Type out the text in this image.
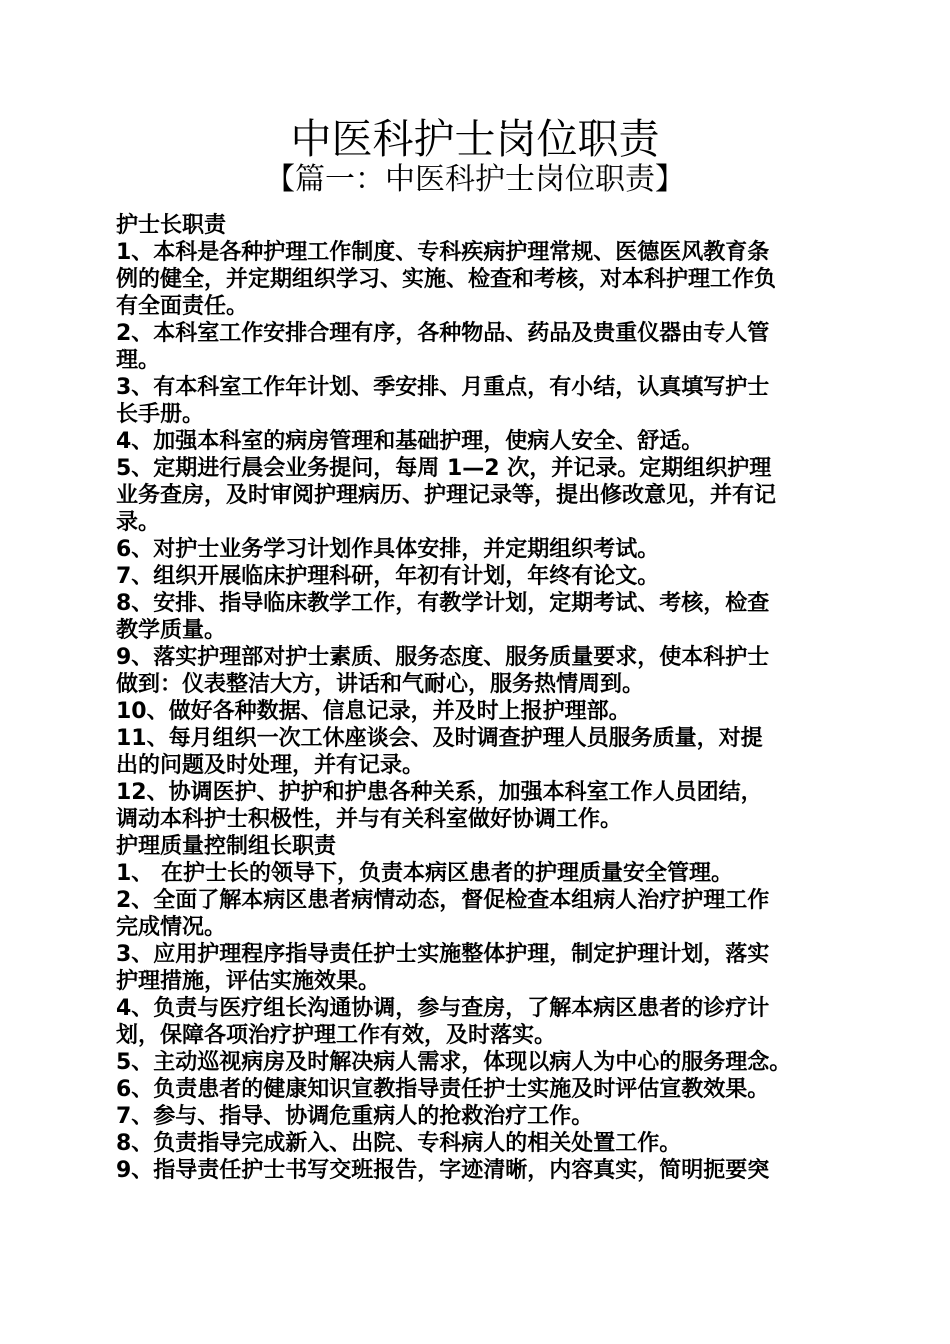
中医科护士岗位职责
【篇一：中医科护士岗位职责】
护士长职责
1、本科是各种护理工作制度、专科疾病护理常规、医德医风教育条
例的健全，并定期组织学习、实施、检查和考核，对本科护理工作负
有全面责任。
2、本科室工作安排合理有序，各种物品、药品及贵重仪器由专人管
理。
3、有本科室工作年计划、季安排、月重点，有小结，认真填写护士
长手册。
4、加强本科室的病房管理和基础护理，使病人安全、舒适。
5、定期进行晨会业务提问，每周 1—2 次，并记录。定期组织护理
业务查房，及时审阅护理病历、护理记录等，提出修改意见，并有记
录。
6、对护士业务学习计划作具体安排，并定期组织考试。
7、组织开展临床护理科研，年初有计划，年终有论文。
8、安排、指导临床教学工作，有教学计划，定期考试、考核，检查
教学质量。
9、落实护理部对护士素质、服务态度、服务质量要求，使本科护士
做到：仪表整洁大方，讲话和气耐心，服务热情周到。
10、做好各种数据、信息记录，并及时上报护理部。
11、每月组织一次工休座谈会、及时调查护理人员服务质量，对提
出的问题及时处理，并有记录。
12、协调医护、护护和护患各种关系，加强本科室工作人员团结，
调动本科护士积极性，并与有关科室做好协调工作。
护理质量控制组长职责
1、 在护士长的领导下，负责本病区患者的护理质量安全管理。
2、全面了解本病区患者病情动态，督促检查本组病人治疗护理工作
完成情况。
3、应用护理程序指导责任护士实施整体护理，制定护理计划，落实
护理措施，评估实施效果。
4、负责与医疗组长沟通协调，参与查房，了解本病区患者的诊疗计
划，保障各项治疗护理工作有效，及时落实。
5、主动巡视病房及时解决病人需求，体现以病人为中心的服务理念。
6、负责患者的健康知识宣教指导责任护士实施及时评估宣教效果。
7、参与、指导、协调危重病人的抢救治疗工作。
8、负责指导完成新入、出院、专科病人的相关处置工作。
9、指导责任护士书写交班报告，字迹清晰，内容真实，简明扼要突
